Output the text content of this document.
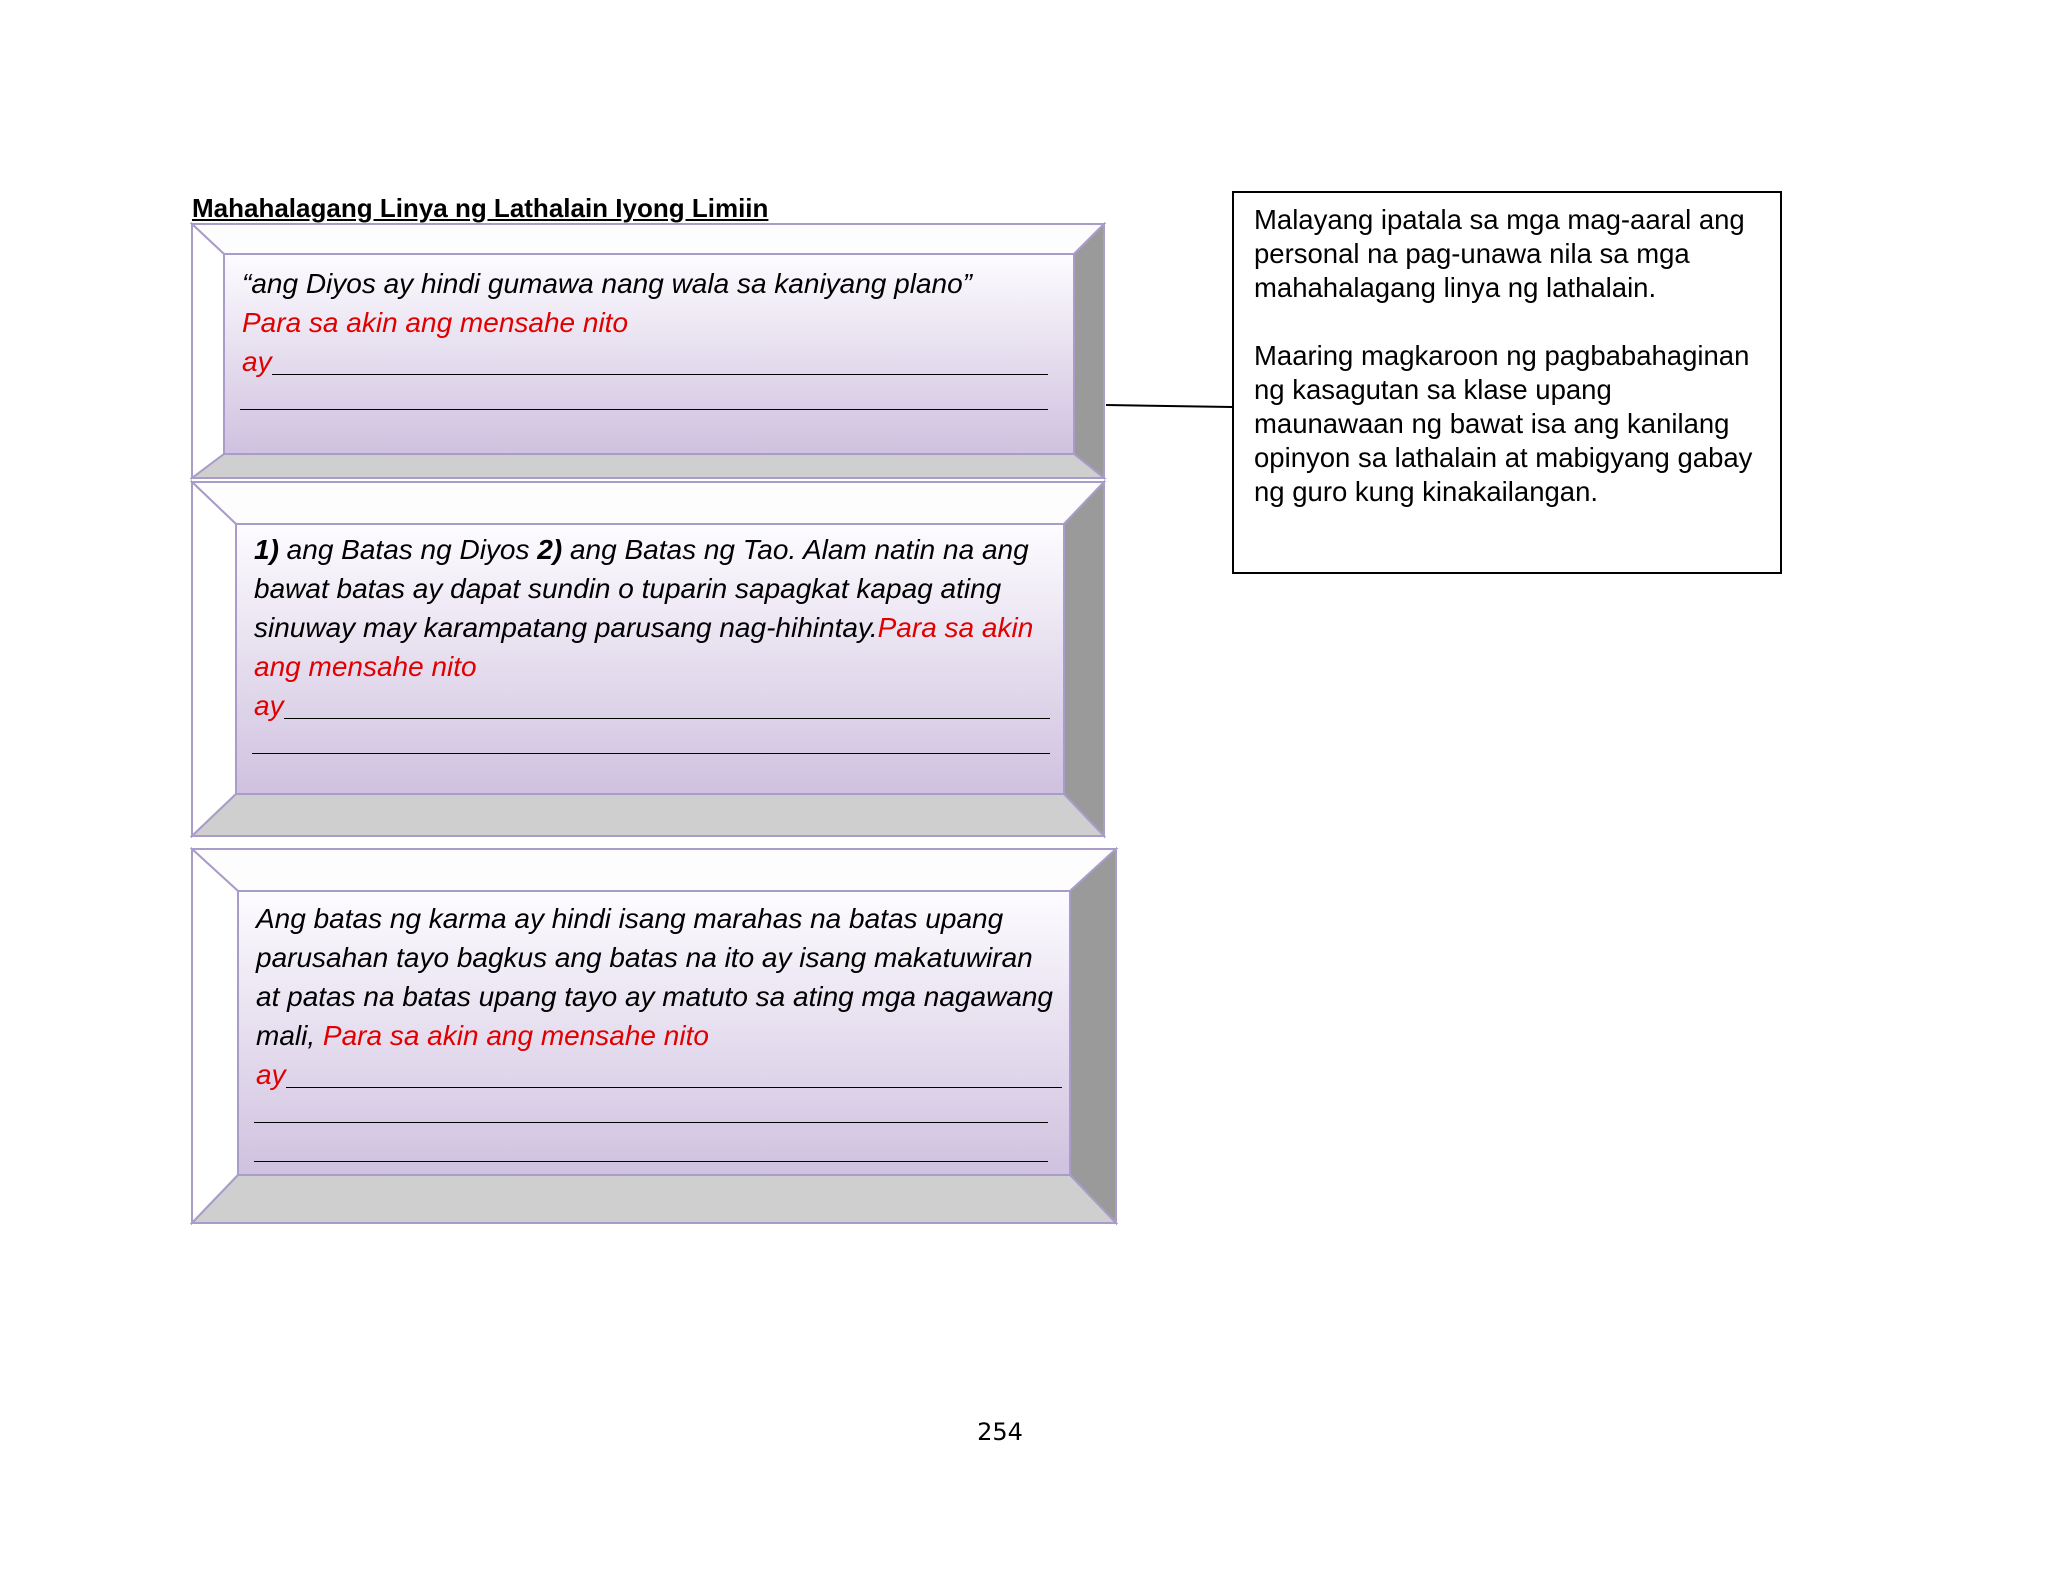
Mahahalagang Linya ng Lathalain Iyong Limiin
“ang Diyos ay hindi gumawa nang wala sa kaniyang plano”
Para sa akin ang mensahe nito
ay
1) ang Batas ng Diyos 2) ang Batas ng Tao. Alam natin na ang bawat batas ay dapat sundin o tuparin sapagkat kapag ating sinuway may karampatang parusang nag-hihintay.Para sa akin ang mensahe nito
ay
Ang batas ng karma ay hindi isang marahas na batas upang parusahan tayo bagkus ang batas na ito ay isang makatuwiran at patas na batas upang tayo ay matuto sa ating mga nagawang mali, Para sa akin ang mensahe nito
ay

Malayang ipatala sa mga mag-aaral ang personal na pag-unawa nila sa mga mahahalagang linya ng lathalain.

Maaring magkaroon ng pagbabahaginan ng kasagutan sa klase upang maunawaan ng bawat isa ang kanilang opinyon sa lathalain at mabigyang gabay ng guro kung kinakailangan.

254
